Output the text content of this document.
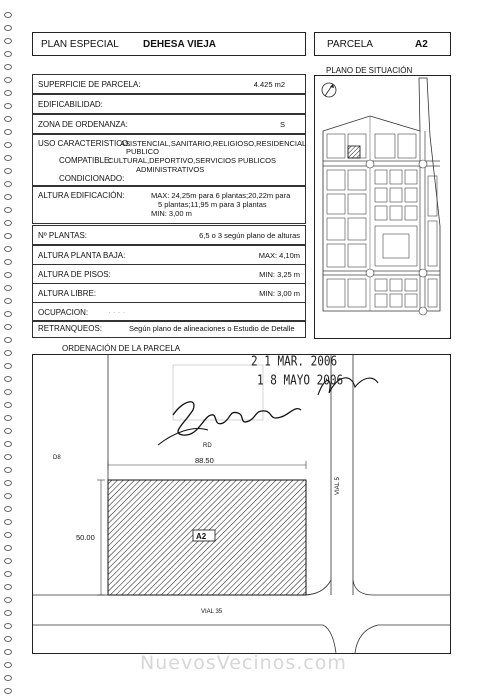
PLAN ESPECIAL DEHESA VIEJA	PARCELA	A2
PLANO DE SITUACIÓN
SUPERFICIE DE PARCELA:	4.425 m2
EDIFICABILIDAD:
ZONA DE ORDENANZA:	S
USO CARACTERISTICO:
ASISTENCIAL,SANITARIO,RELIGIOSO,RESIDENCIAL
PUBLICO
COMPATIBLE:
CULTURAL,DEPORTIVO,SERVICIOS PUBLICOS
ADMINISTRATIVOS
CONDICIONADO:
ALTURA EDIFICACIÓN:	MAX: 24,25m para 6 plantas;20,22m para
5 plantas;11,95 m para 3 plantas
MIN: 3,00 m
Nº PLANTAS:	6,5 o 3 según plano de alturas
ALTURA PLANTA BAJA:	MAX: 4,10m
ALTURA DE PISOS:	MIN: 3,25 m
ALTURA LIBRE:	MIN: 3,00 m
OCUPACION: · · · ·
RETRANQUEOS:	Según plano de alineaciones o Estudio de Detalle
ORDENACIÓN DE LA PARCELA
D8
RD
88.50
50.00	A2
VIAL 5
VIAL 35
2 1 MAR. 2006
1 8 MAYO 2006
NuevosVecinos.com
